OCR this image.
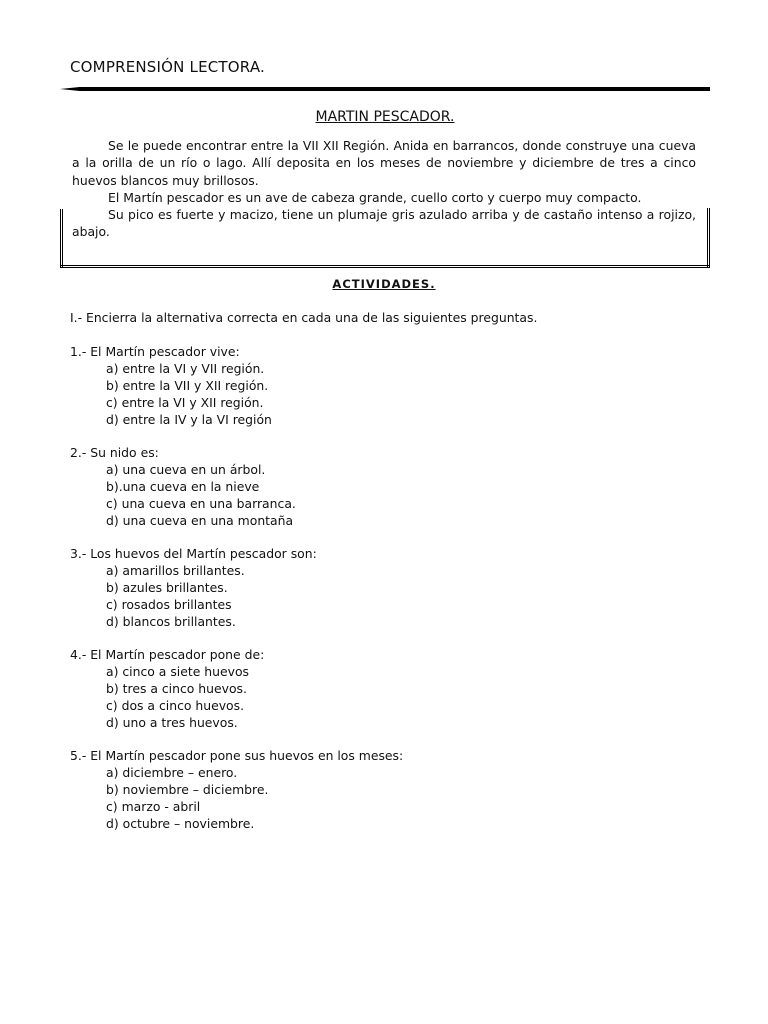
COMPRENSIÓN LECTORA.
MARTIN PESCADOR.

Se le puede encontrar entre la VII XII Región. Anida en barrancos, donde construye una cueva a la orilla de un río o lago. Allí deposita en los meses de noviembre y diciembre de tres a cinco huevos blancos muy brillosos.

El Martín pescador es un ave de cabeza grande, cuello corto y cuerpo muy compacto.

Su pico es fuerte y macizo, tiene un plumaje gris azulado arriba y de castaño intenso a rojizo, abajo.

ACTIVIDADES.
I.- Encierra la alternativa correcta en cada una de las siguientes preguntas.
1.- El Martín pescador vive:
a) entre la VI y VII región.
b) entre la VII y XII región.
c) entre la VI y XII región.
d) entre la IV y la VI región
2.- Su nido es:
a) una cueva en un árbol.
b).una cueva en la nieve
c) una cueva en una barranca.
d) una cueva en una montaña
3.- Los huevos del Martín pescador son:
a) amarillos brillantes.
b) azules brillantes.
c) rosados brillantes
d) blancos brillantes.
4.- El Martín pescador pone de:
a) cinco a siete huevos
b) tres a cinco huevos.
c) dos a cinco huevos.
d) uno a tres huevos.
5.- El Martín pescador pone sus huevos en los meses:
a) diciembre – enero.
b) noviembre – diciembre.
c) marzo - abril
d) octubre – noviembre.
